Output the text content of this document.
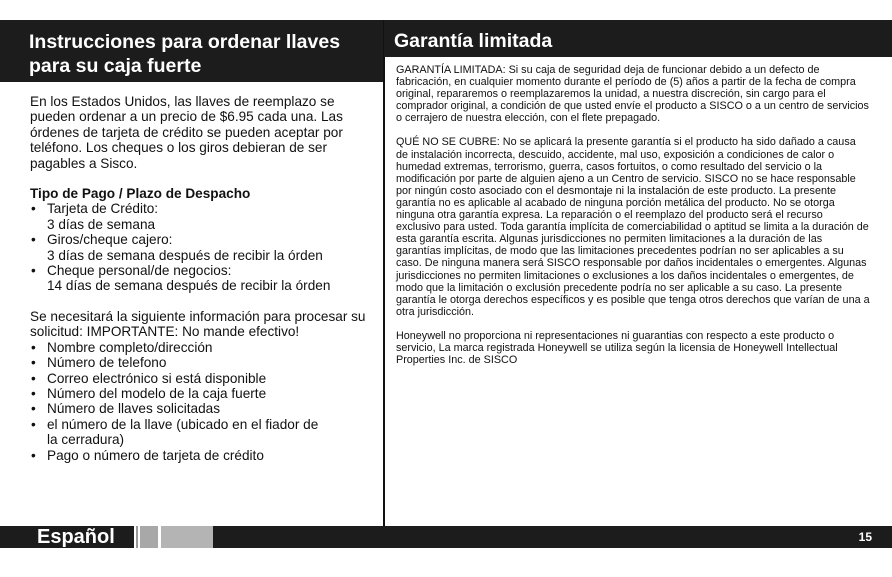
Instrucciones para ordenar llaves para su caja fuerte

En los Estados Unidos, las llaves de reemplazo se pueden ordenar a un precio de $6.95 cada una. Las órdenes de tarjeta de crédito se pueden aceptar por teléfono. Los cheques o los giros debieran de ser pagables a Sisco.

Tipo de Pago / Plazo de Despacho

• Tarjeta de Crédito:
3 días de semana
• Giros/cheque cajero:
3 días de semana después de recibir la órden
• Cheque personal/de negocios:
14 días de semana después de recibir la órden

Se necesitará la siguiente información para procesar su solicitud: IMPORTANTE: No mande efectivo!

• Nombre completo/dirección
• Número de telefono
• Correo electrónico si está disponible
• Número del modelo de la caja fuerte
• Número de llaves solicitadas
• el número de la llave (ubicado en el fiador de la cerradura)
• Pago o número de tarjeta de crédito
Garantía limitada

GARANTÍA LIMITADA: Si su caja de seguridad deja de funcionar debido a un defecto de fabricación, en cualquier momento durante el período de (5) años a partir de la fecha de compra original, repararemos o reemplazaremos la unidad, a nuestra discreción, sin cargo para el comprador original, a condición de que usted envíe el producto a SISCO o a un centro de servicios o cerrajero de nuestra elección, con el flete prepagado.

QUÉ NO SE CUBRE: No se aplicará la presente garantía si el producto ha sido dañado a causa de instalación incorrecta, descuido, accidente, mal uso, exposición a condiciones de calor o humedad extremas, terrorismo, guerra, casos fortuitos, o como resultado del servicio o la modificación por parte de alguien ajeno a un Centro de servicio. SISCO no se hace responsable por ningún costo asociado con el desmontaje ni la instalación de este producto. La presente garantía no es aplicable al acabado de ninguna porción metálica del producto. No se otorga ninguna otra garantía expresa. La reparación o el reemplazo del producto será el recurso exclusivo para usted. Toda garantía implícita de comerciabilidad o aptitud se limita a la duración de esta garantía escrita. Algunas jurisdicciones no permiten limitaciones a la duración de las garantías implícitas, de modo que las limitaciones precedentes podrían no ser aplicables a su caso. De ninguna manera será SISCO responsable por daños incidentales o emergentes. Algunas jurisdicciones no permiten limitaciones o exclusiones a los daños incidentales o emergentes, de modo que la limitación o exclusión precedente podría no ser aplicable a su caso. La presente garantía le otorga derechos específicos y es posible que tenga otros derechos que varían de una a otra jurisdicción.

Honeywell no proporciona ni representaciones ni guarantias con respecto a este producto o servicio, La marca registrada Honeywell se utiliza según la licensia de Honeywell Intellectual Properties Inc. de SISCO

Español	15
